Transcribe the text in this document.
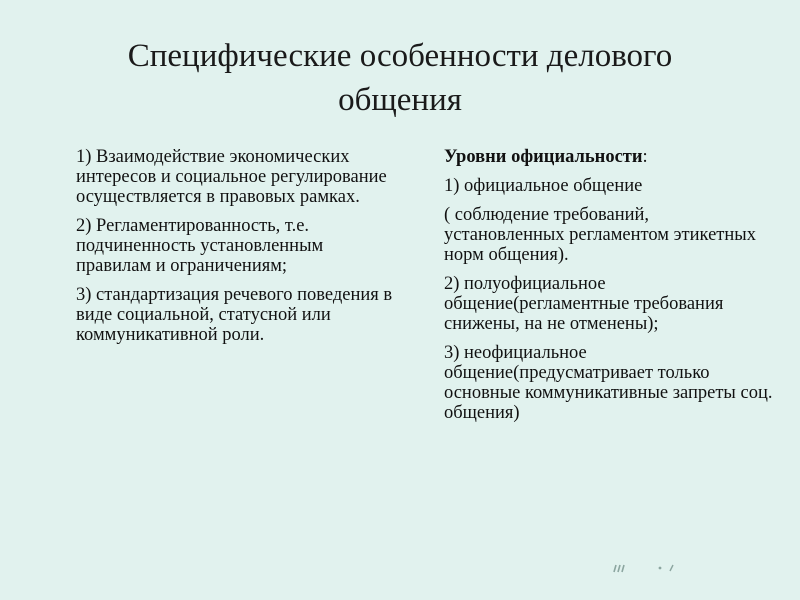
Специфические особенности делового общения

1) Взаимодействие экономических интересов и социальное регулирование осуществляется в правовых рамках.

2) Регламентированность, т.е. подчиненность установленным правилам и ограничениям;

3) стандартизация речевого поведения в виде социальной, статусной или коммуникативной роли.

Уровни официальности:

1) официальное общение

( соблюдение требований, установленных регламентом этикетных норм общения).

2) полуофициальное общение(регламентные требования снижены, на не отменены);

3) неофициальное общение(предусматривает только основные коммуникативные запреты соц. общения)
